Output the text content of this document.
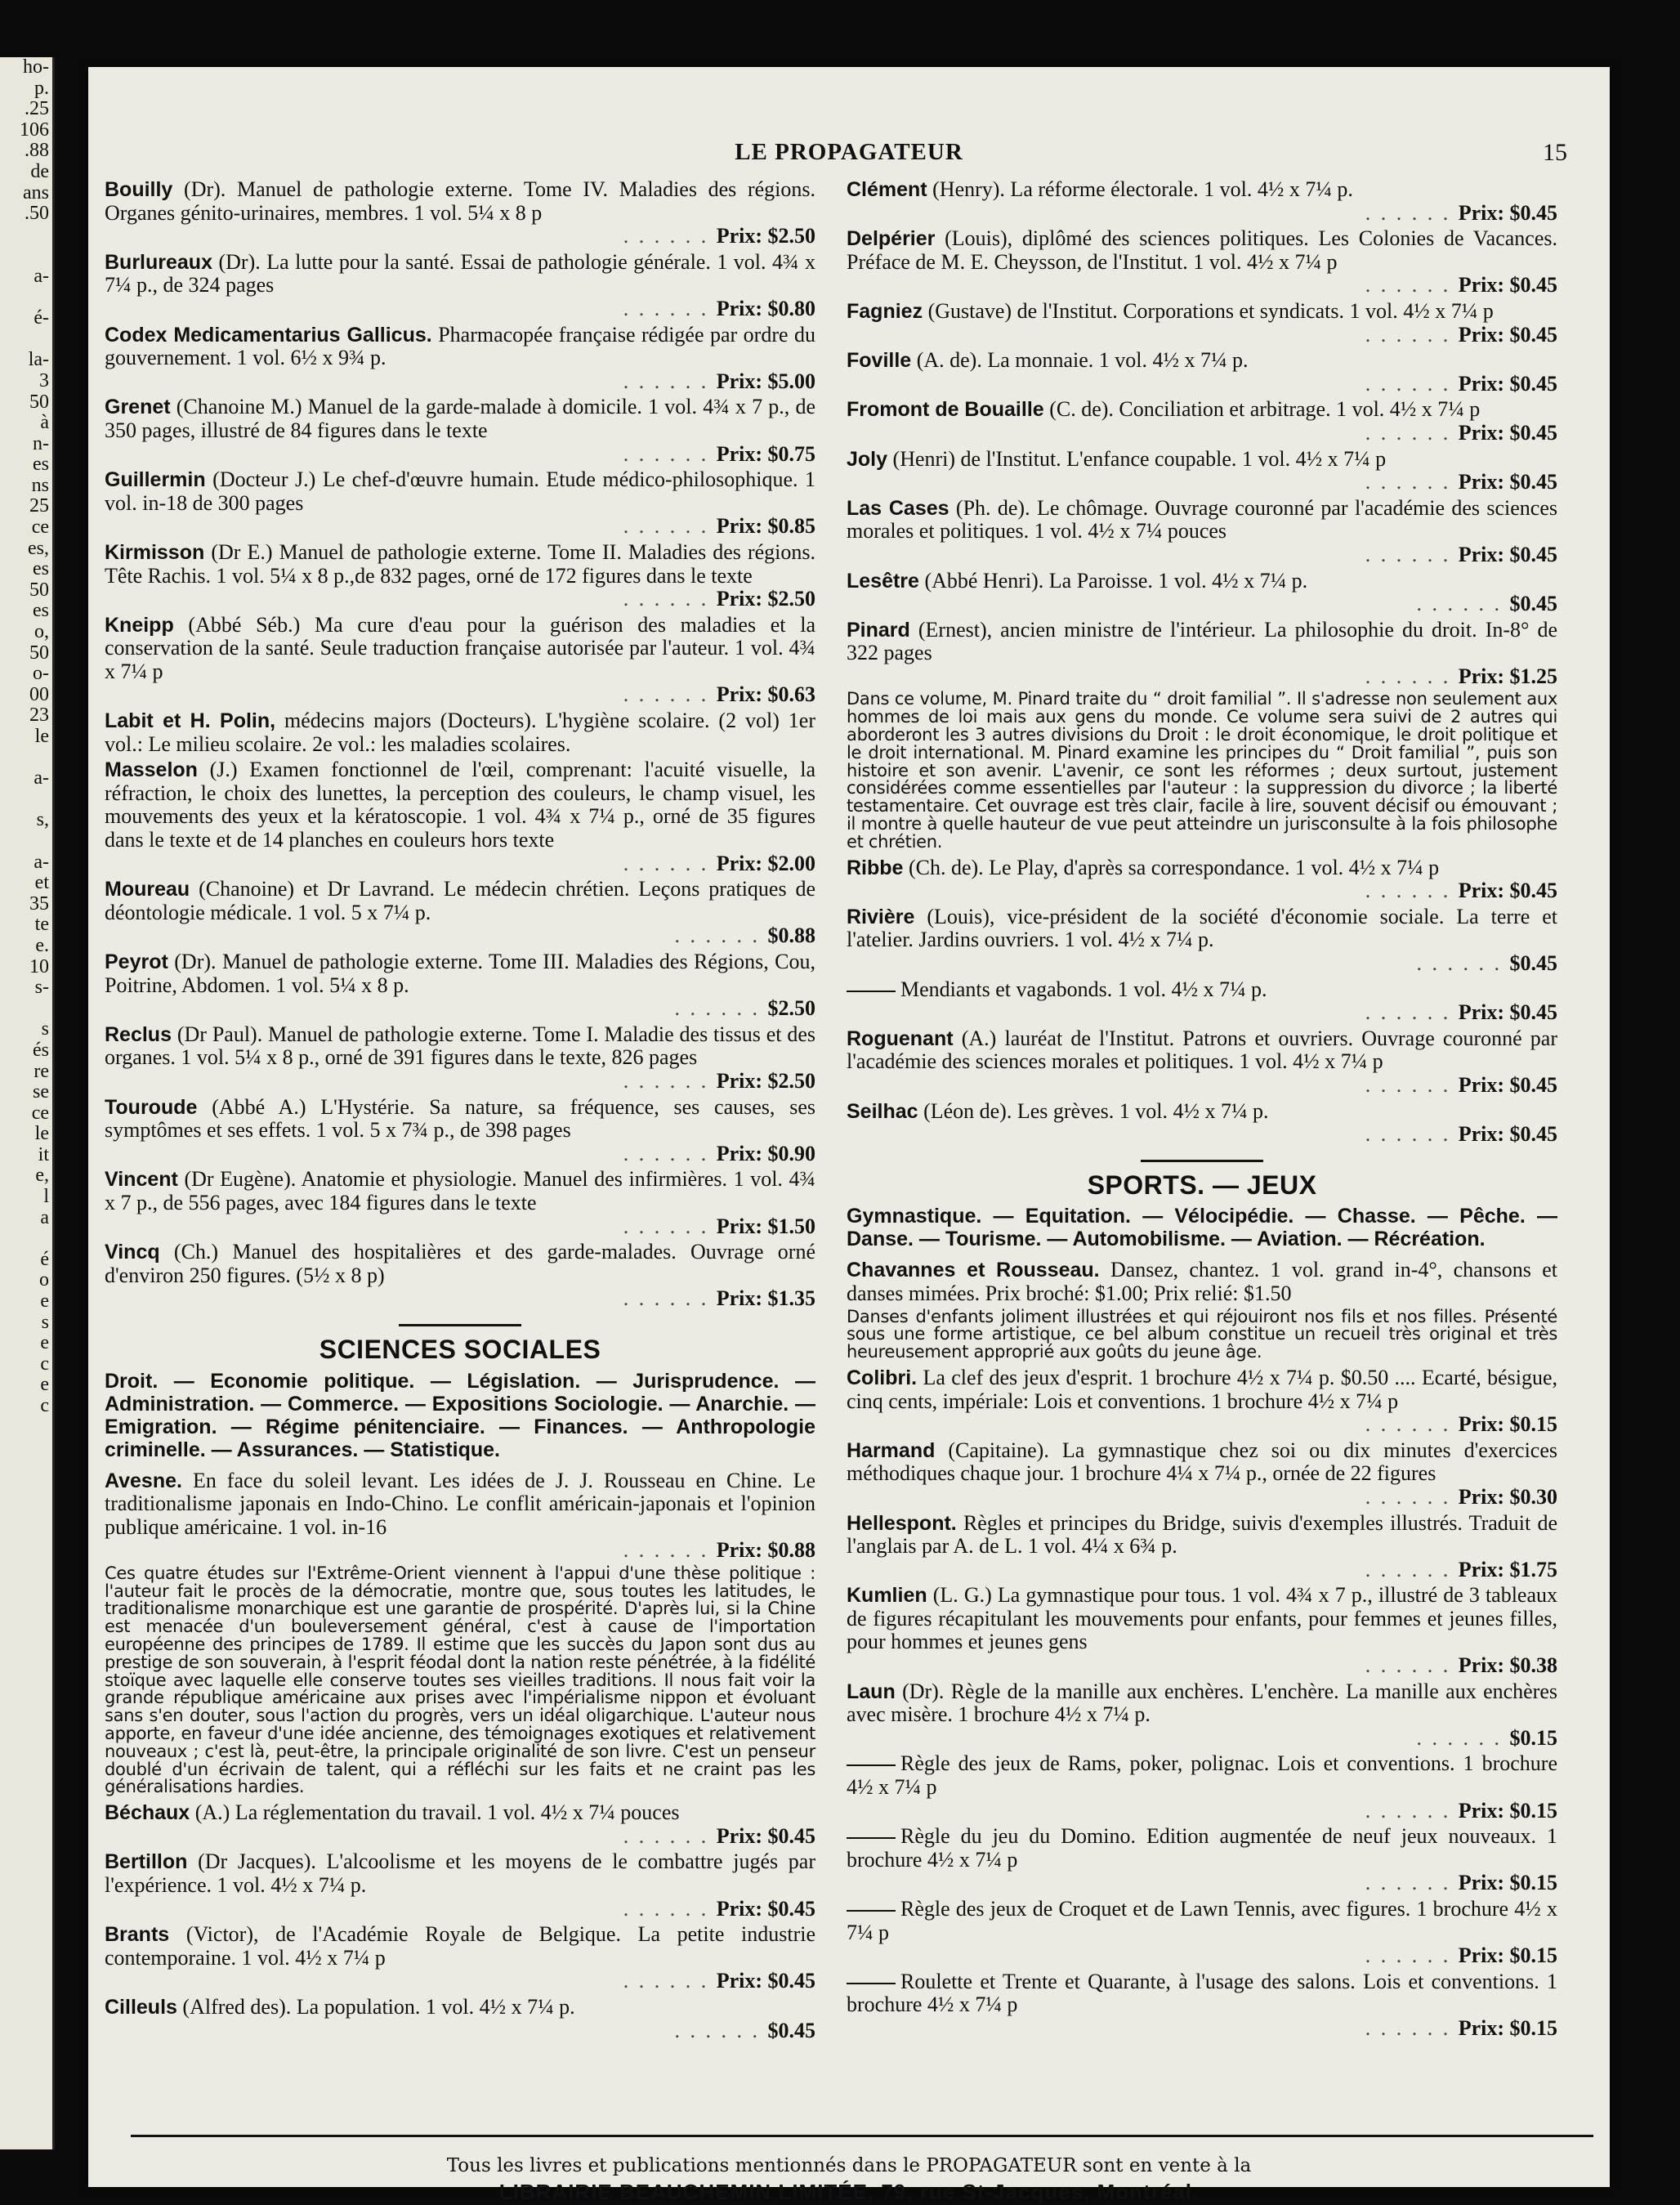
ho-
p.
.25
106
.88
de
ans
.50

a-

é-

la-
3
50
à
n-
es
ns
25
ce
es,
es
50
es
o,
50
o-
00
23
le

a-

s,

a-
et
35
te
e.
10
s-

s
és
re
se
ce
le
it
e,
l
a

é
o
e
s
e
c
e
c

LE PROPAGATEUR	15
Bouilly (Dr). Manuel de pathologie externe. Tome IV. Maladies des régions. Organes génito-urinaires, membres. 1 vol. 5¼ x 8 p
. . . . . . Prix: $2.50
Burlureaux (Dr). La lutte pour la santé. Essai de pathologie générale. 1 vol. 4¾ x 7¼ p., de 324 pages
. . . . . . Prix: $0.80
Codex Medicamentarius Gallicus. Pharmacopée française rédigée par ordre du gouvernement. 1 vol. 6½ x 9¾ p.
. . . . . . Prix: $5.00
Grenet (Chanoine M.) Manuel de la garde-malade à domicile. 1 vol. 4¾ x 7 p., de 350 pages, illustré de 84 figures dans le texte
. . . . . . Prix: $0.75
Guillermin (Docteur J.) Le chef-d'œuvre humain. Etude médico-philosophique. 1 vol. in-18 de 300 pages
. . . . . . Prix: $0.85
Kirmisson (Dr E.) Manuel de pathologie externe. Tome II. Maladies des régions. Tête Rachis. 1 vol. 5¼ x 8 p.,de 832 pages, orné de 172 figures dans le texte
. . . . . . Prix: $2.50
Kneipp (Abbé Séb.) Ma cure d'eau pour la guérison des maladies et la conservation de la santé. Seule traduction française autorisée par l'auteur. 1 vol. 4¾ x 7¼ p
. . . . . . Prix: $0.63
Labit et H. Polin, médecins majors (Docteurs). L'hygiène scolaire. (2 vol) 1er vol.: Le milieu scolaire. 2e vol.: les maladies scolaires.
Masselon (J.) Examen fonctionnel de l'œil, comprenant: l'acuité visuelle, la réfraction, le choix des lunettes, la perception des couleurs, le champ visuel, les mouvements des yeux et la kératoscopie. 1 vol. 4¾ x 7¼ p., orné de 35 figures dans le texte et de 14 planches en couleurs hors texte
. . . . . . Prix: $2.00
Moureau (Chanoine) et Dr Lavrand. Le médecin chrétien. Leçons pratiques de déontologie médicale. 1 vol. 5 x 7¼ p.
. . . . . . $0.88
Peyrot (Dr). Manuel de pathologie externe. Tome III. Maladies des Régions, Cou, Poitrine, Abdomen. 1 vol. 5¼ x 8 p.
. . . . . . $2.50
Reclus (Dr Paul). Manuel de pathologie externe. Tome I. Maladie des tissus et des organes. 1 vol. 5¼ x 8 p., orné de 391 figures dans le texte, 826 pages
. . . . . . Prix: $2.50
Touroude (Abbé A.) L'Hystérie. Sa nature, sa fréquence, ses causes, ses symptômes et ses effets. 1 vol. 5 x 7¾ p., de 398 pages
. . . . . . Prix: $0.90
Vincent (Dr Eugène). Anatomie et physiologie. Manuel des infirmières. 1 vol. 4¾ x 7 p., de 556 pages, avec 184 figures dans le texte
. . . . . . Prix: $1.50
Vincq (Ch.) Manuel des hospitalières et des garde-malades. Ouvrage orné d'environ 250 figures. (5½ x 8 p)
. . . . . . Prix: $1.35
SCIENCES SOCIALES
Droit. — Economie politique. — Législation. — Jurisprudence. — Administration. — Commerce. — Expositions Sociologie. — Anarchie. — Emigration. — Régime pénitenciaire. — Finances. — Anthropologie criminelle. — Assurances. — Statistique.
Avesne. En face du soleil levant. Les idées de J. J. Rousseau en Chine. Le traditionalisme japonais en Indo-Chino. Le conflit américain-japonais et l'opinion publique américaine. 1 vol. in-16
. . . . . . Prix: $0.88
Ces quatre études sur l'Extrême-Orient viennent à l'appui d'une thèse politique : l'auteur fait le procès de la démocratie, montre que, sous toutes les latitudes, le traditionalisme monarchique est une garantie de prospérité. D'après lui, si la Chine est menacée d'un bouleversement général, c'est à cause de l'importation européenne des principes de 1789. Il estime que les succès du Japon sont dus au prestige de son souverain, à l'esprit féodal dont la nation reste pénétrée, à la fidélité stoïque avec laquelle elle conserve toutes ses vieilles traditions. Il nous fait voir la grande république américaine aux prises avec l'impérialisme nippon et évoluant sans s'en douter, sous l'action du progrès, vers un idéal oligarchique. L'auteur nous apporte, en faveur d'une idée ancienne, des témoignages exotiques et relativement nouveaux ; c'est là, peut-être, la principale originalité de son livre. C'est un penseur doublé d'un écrivain de talent, qui a réfléchi sur les faits et ne craint pas les généralisations hardies.
Béchaux (A.) La réglementation du travail. 1 vol. 4½ x 7¼ pouces
. . . . . . Prix: $0.45
Bertillon (Dr Jacques). L'alcoolisme et les moyens de le combattre jugés par l'expérience. 1 vol. 4½ x 7¼ p.
. . . . . . Prix: $0.45
Brants (Victor), de l'Académie Royale de Belgique. La petite industrie contemporaine. 1 vol. 4½ x 7¼ p
. . . . . . Prix: $0.45
Cilleuls (Alfred des). La population. 1 vol. 4½ x 7¼ p.
. . . . . . $0.45
Clément (Henry). La réforme électorale. 1 vol. 4½ x 7¼ p.
. . . . . . Prix: $0.45
Delpérier (Louis), diplômé des sciences politiques. Les Colonies de Vacances. Préface de M. E. Cheysson, de l'Institut. 1 vol. 4½ x 7¼ p
. . . . . . Prix: $0.45
Fagniez (Gustave) de l'Institut. Corporations et syndicats. 1 vol. 4½ x 7¼ p
. . . . . . Prix: $0.45
Foville (A. de). La monnaie. 1 vol. 4½ x 7¼ p.
. . . . . . Prix: $0.45
Fromont de Bouaille (C. de). Conciliation et arbitrage. 1 vol. 4½ x 7¼ p
. . . . . . Prix: $0.45
Joly (Henri) de l'Institut. L'enfance coupable. 1 vol. 4½ x 7¼ p
. . . . . . Prix: $0.45
Las Cases (Ph. de). Le chômage. Ouvrage couronné par l'académie des sciences morales et politiques. 1 vol. 4½ x 7¼ pouces
. . . . . . Prix: $0.45
Lesêtre (Abbé Henri). La Paroisse. 1 vol. 4½ x 7¼ p.
. . . . . . $0.45
Pinard (Ernest), ancien ministre de l'intérieur. La philosophie du droit. In-8° de 322 pages
. . . . . . Prix: $1.25
Dans ce volume, M. Pinard traite du “ droit familial ”. Il s'adresse non seulement aux hommes de loi mais aux gens du monde. Ce volume sera suivi de 2 autres qui aborderont les 3 autres divisions du Droit : le droit économique, le droit politique et le droit international. M. Pinard examine les principes du “ Droit familial ”, puis son histoire et son avenir. L'avenir, ce sont les réformes ; deux surtout, justement considérées comme essentielles par l'auteur : la suppression du divorce ; la liberté testamentaire. Cet ouvrage est très clair, facile à lire, souvent décisif ou émouvant ; il montre à quelle hauteur de vue peut atteindre un jurisconsulte à la fois philosophe et chrétien.
Ribbe (Ch. de). Le Play, d'après sa correspondance. 1 vol. 4½ x 7¼ p
. . . . . . Prix: $0.45
Rivière (Louis), vice-président de la société d'économie sociale. La terre et l'atelier. Jardins ouvriers. 1 vol. 4½ x 7¼ p.
. . . . . . $0.45
Mendiants et vagabonds. 1 vol. 4½ x 7¼ p.
. . . . . . Prix: $0.45
Roguenant (A.) lauréat de l'Institut. Patrons et ouvriers. Ouvrage couronné par l'académie des sciences morales et politiques. 1 vol. 4½ x 7¼ p
. . . . . . Prix: $0.45
Seilhac (Léon de). Les grèves. 1 vol. 4½ x 7¼ p.
. . . . . . Prix: $0.45
SPORTS. — JEUX
Gymnastique. — Equitation. — Vélocipédie. — Chasse. — Pêche. — Danse. — Tourisme. — Automobilisme. — Aviation. — Récréation.
Chavannes et Rousseau. Dansez, chantez. 1 vol. grand in-4°, chansons et danses mimées. Prix broché: $1.00; Prix relié: $1.50
Danses d'enfants joliment illustrées et qui réjouiront nos fils et nos filles. Présenté sous une forme artistique, ce bel album constitue un recueil très original et très heureusement approprié aux goûts du jeune âge.
Colibri. La clef des jeux d'esprit. 1 brochure 4½ x 7¼ p. $0.50 .... Ecarté, bésigue, cinq cents, impériale: Lois et conventions. 1 brochure 4½ x 7¼ p
. . . . . . Prix: $0.15
Harmand (Capitaine). La gymnastique chez soi ou dix minutes d'exercices méthodiques chaque jour. 1 brochure 4¼ x 7¼ p., ornée de 22 figures
. . . . . . Prix: $0.30
Hellespont. Règles et principes du Bridge, suivis d'exemples illustrés. Traduit de l'anglais par A. de L. 1 vol. 4¼ x 6¾ p.
. . . . . . Prix: $1.75
Kumlien (L. G.) La gymnastique pour tous. 1 vol. 4¾ x 7 p., illustré de 3 tableaux de figures récapitulant les mouvements pour enfants, pour femmes et jeunes filles, pour hommes et jeunes gens
. . . . . . Prix: $0.38
Laun (Dr). Règle de la manille aux enchères. L'enchère. La manille aux enchères avec misère. 1 brochure 4½ x 7¼ p.
. . . . . . $0.15
Règle des jeux de Rams, poker, polignac. Lois et conventions. 1 brochure 4½ x 7¼ p
. . . . . . Prix: $0.15
Règle du jeu du Domino. Edition augmentée de neuf jeux nouveaux. 1 brochure 4½ x 7¼ p
. . . . . . Prix: $0.15
Règle des jeux de Croquet et de Lawn Tennis, avec figures. 1 brochure 4½ x 7¼ p
. . . . . . Prix: $0.15
Roulette et Trente et Quarante, à l'usage des salons. Lois et conventions. 1 brochure 4½ x 7¼ p
. . . . . . Prix: $0.15
Tous les livres et publications mentionnés dans le PROPAGATEUR sont en vente à la
LIBRAIRIE BEAUCHEMIN LIMITÉE, 79, rue St-Jacques, Montréal.
